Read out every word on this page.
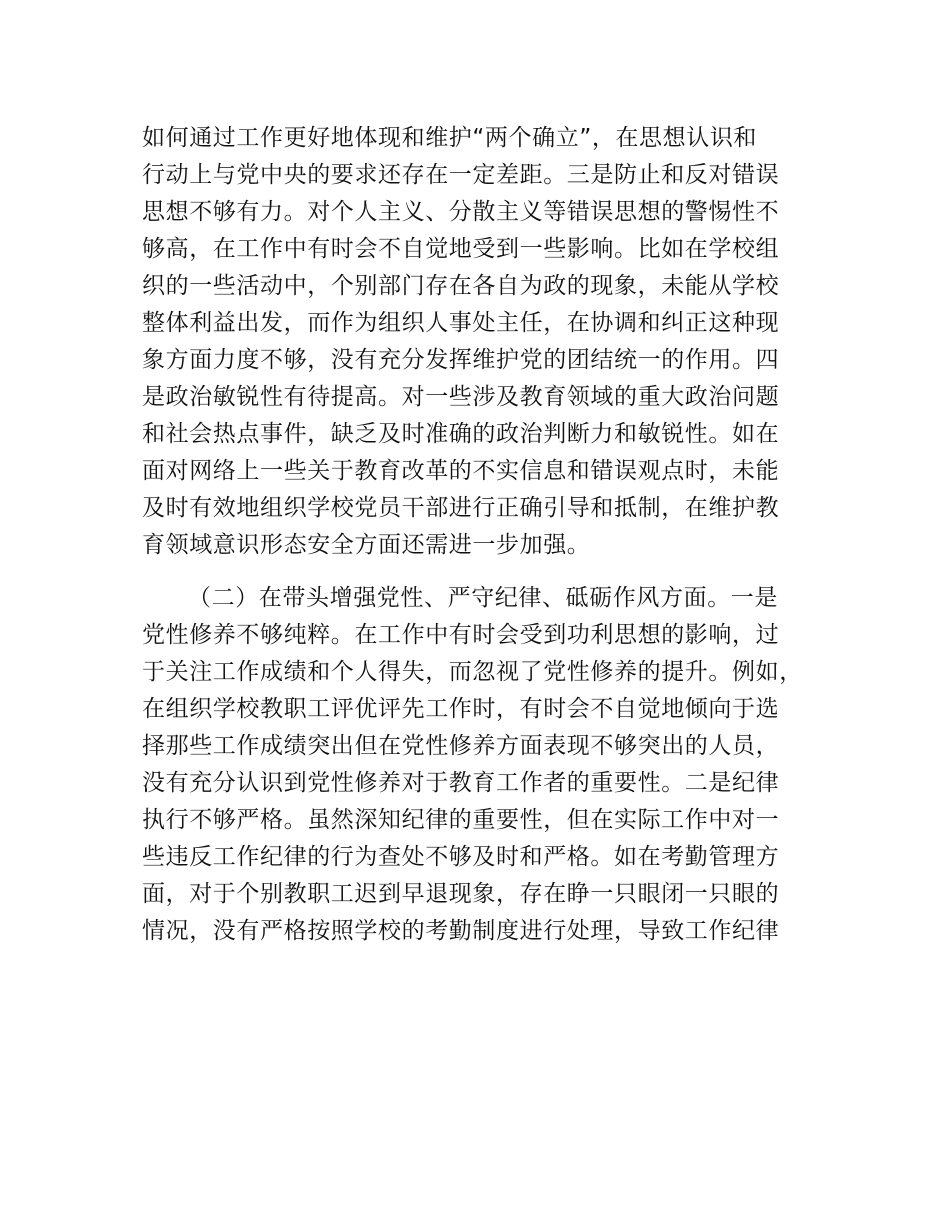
如何通过工作更好地体现和维护“两个确立”，在思想认识和
行动上与党中央的要求还存在一定差距。三是防止和反对错误
思想不够有力。对个人主义、分散主义等错误思想的警惕性不
够高，在工作中有时会不自觉地受到一些影响。比如在学校组
织的一些活动中，个别部门存在各自为政的现象，未能从学校
整体利益出发，而作为组织人事处主任，在协调和纠正这种现
象方面力度不够，没有充分发挥维护党的团结统一的作用。四
是政治敏锐性有待提高。对一些涉及教育领域的重大政治问题
和社会热点事件，缺乏及时准确的政治判断力和敏锐性。如在
面对网络上一些关于教育改革的不实信息和错误观点时，未能
及时有效地组织学校党员干部进行正确引导和抵制，在维护教
育领域意识形态安全方面还需进一步加强。
（二）在带头增强党性、严守纪律、砥砺作风方面。一是
党性修养不够纯粹。在工作中有时会受到功利思想的影响，过
于关注工作成绩和个人得失，而忽视了党性修养的提升。例如，
在组织学校教职工评优评先工作时，有时会不自觉地倾向于选
择那些工作成绩突出但在党性修养方面表现不够突出的人员，
没有充分认识到党性修养对于教育工作者的重要性。二是纪律
执行不够严格。虽然深知纪律的重要性，但在实际工作中对一
些违反工作纪律的行为查处不够及时和严格。如在考勤管理方
面，对于个别教职工迟到早退现象，存在睁一只眼闭一只眼的
情况，没有严格按照学校的考勤制度进行处理，导致工作纪律
